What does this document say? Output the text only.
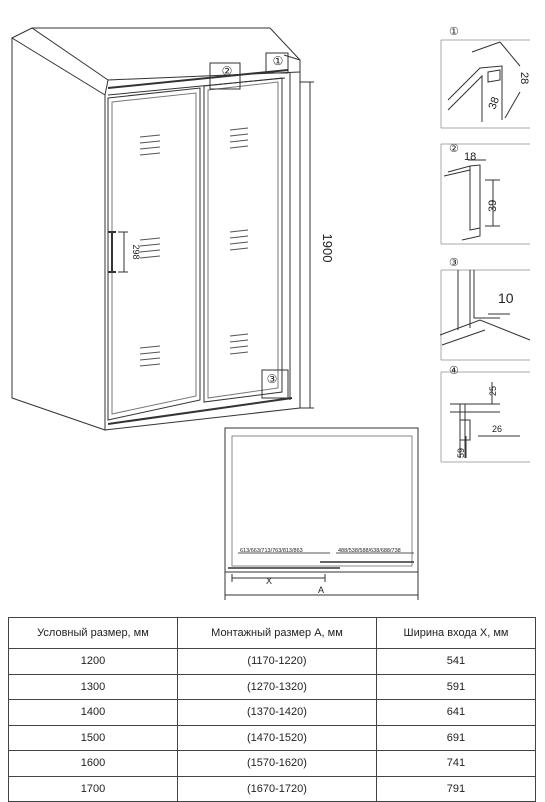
1900
298
②
①
③
①
28
38
②
18
39
③
10
④
25
26
59
613/663/713/763/813/863	488/538/588/638/688/738
X
A
Условный размер, мм	Монтажный размер A, мм	Ширина входа X, мм
1200	(1170-1220)	541
1300	(1270-1320)	591
1400	(1370-1420)	641
1500	(1470-1520)	691
1600	(1570-1620)	741
1700	(1670-1720)	791
